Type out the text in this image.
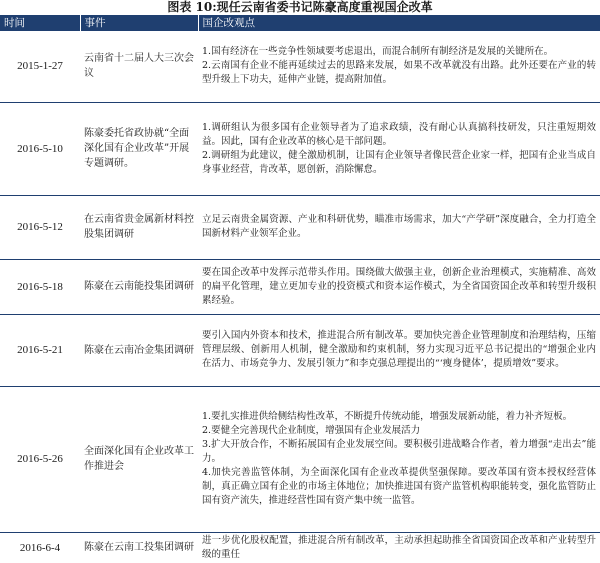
图表 10:现任云南省委书记陈豪高度重视国企改革
时间	事件	国企改观点
2015-1-27	云南省十二届人大三次会议	1.国有经济在一些竞争性领域要考虑退出，而混合制所有制经济是发展的关键所在。
2.云南国有企业不能再延续过去的思路来发展，如果不改革就没有出路。此外还要在产业的转型升级上下功夫，延伸产业链，提高附加值。

2016-5-10	陈豪委托省政协就“全面深化国有企业改革”开展专题调研。	1.调研组认为很多国有企业领导者为了追求政绩，没有耐心认真搞科技研发，只注重短期效益。因此，国有企业改革的核心是干部问题。
2.调研组为此建议，健全激励机制，让国有企业领导者像民营企业家一样，把国有企业当成自身事业经营，肯改革，愿创新，消除懈怠。

2016-5-12	在云南省贵金属新材料控股集团调研	立足云南贵金属资源、产业和科研优势，瞄准市场需求，加大“产学研”深度融合，全力打造全国新材料产业领军企业。

2016-5-18	陈豪在云南能投集团调研	要在国企改革中发挥示范带头作用。围绕做大做强主业，创新企业治理模式，实施精准、高效的扁平化管理，建立更加专业的投资模式和资本运作模式，为全省国资国企改革和转型升级积累经验。

2016-5-21	陈豪在云南冶金集团调研	要引入国内外资本和技术，推进混合所有制改革。要加快完善企业管理制度和治理结构，压缩管理层级、创新用人机制，健全激励和约束机制，努力实现习近平总书记提出的“增强企业内在活力、市场竞争力、发展引领力”和李克强总理提出的“‘瘦身健体’，提质增效”要求。

2016-5-26	全面深化国有企业改革工作推进会	1.要扎实推进供给侧结构性改革，不断提升传统动能，增强发展新动能，着力补齐短板。
2.要健全完善现代企业制度，增强国有企业发展活力
3.扩大开放合作，不断拓展国有企业发展空间。要积极引进战略合作者，着力增强“走出去”能力。
4.加快完善监管体制，为全面深化国有企业改革提供坚强保障。要改革国有资本授权经营体制，真正确立国有企业的市场主体地位；加快推进国有资产监管机构职能转变，强化监管防止国有资产流失，推进经营性国有资产集中统一监管。

2016-6-4	陈豪在云南工投集团调研	进一步优化股权配置，推进混合所有制改革，主动承担起助推全省国资国企改革和产业转型升级的重任
